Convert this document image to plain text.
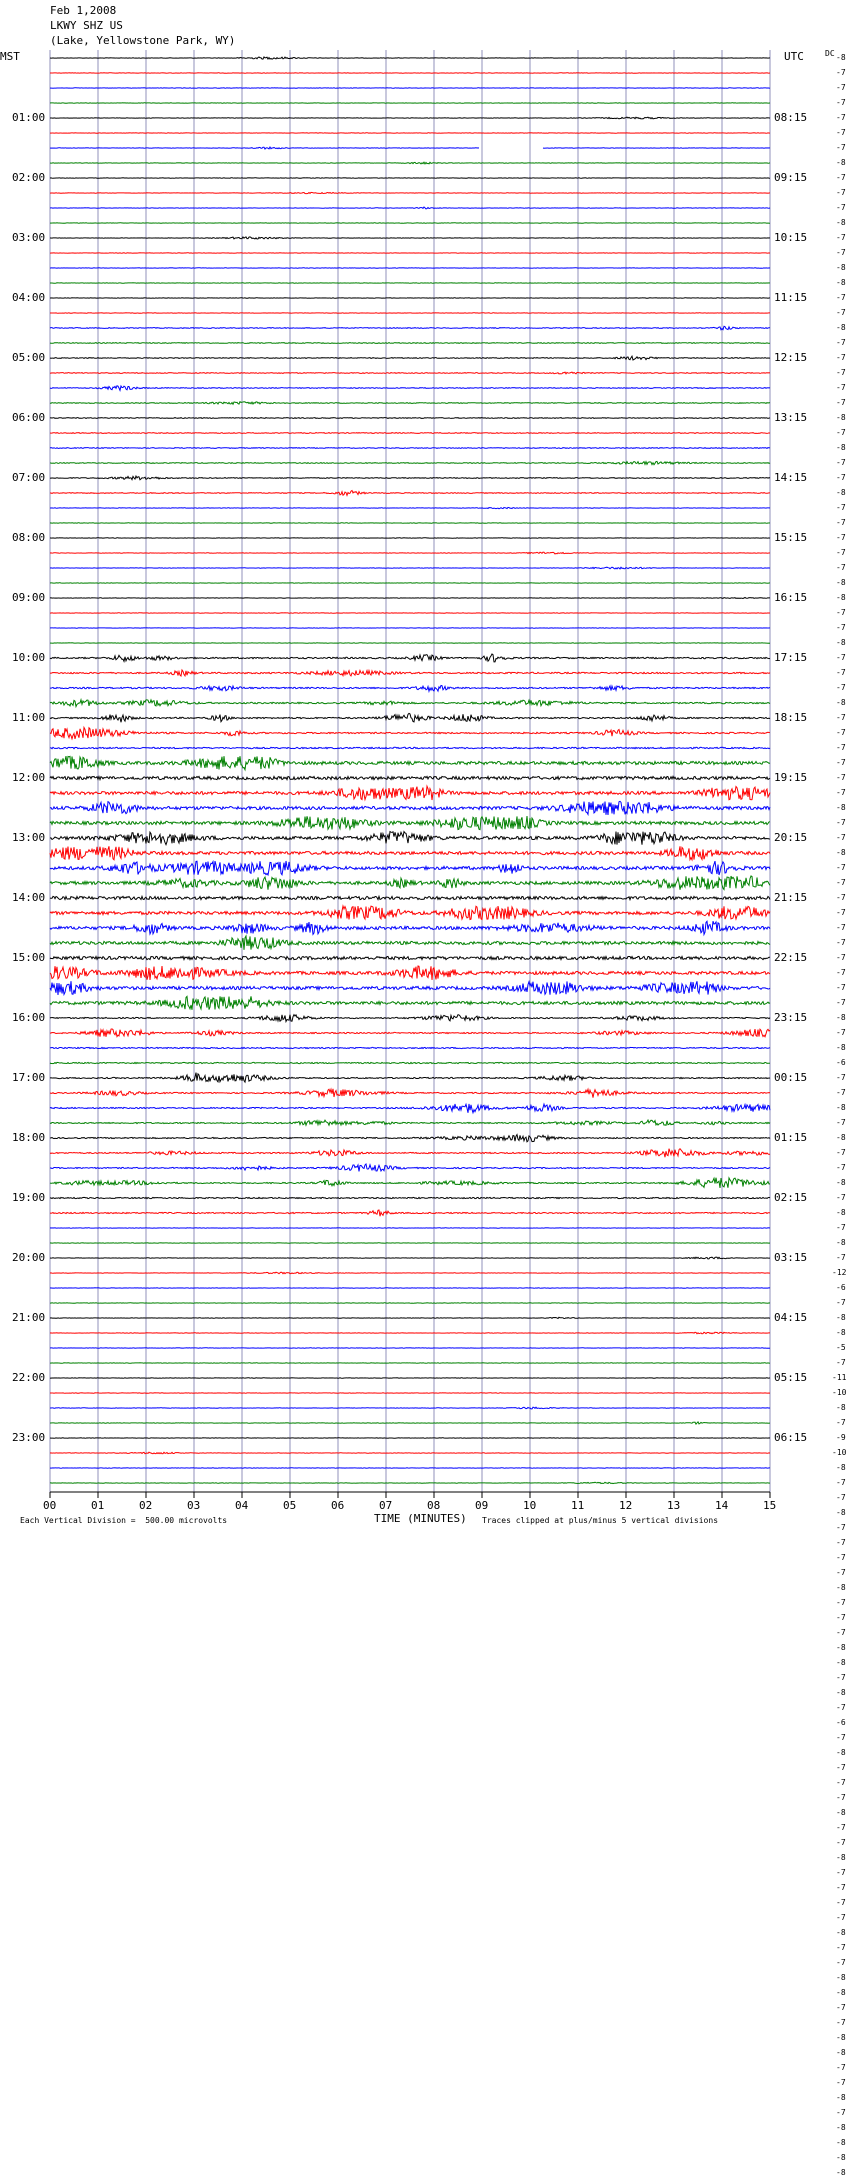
Feb 1,2008
LKWY SHZ US
(Lake, Yellowstone Park, WY)
MST	UTC	DC
01:00
02:00
03:00
04:00
05:00
06:00
07:00
08:00
09:00
10:00
11:00
12:00
13:00
14:00
15:00
16:00
17:00
18:00
19:00
20:00
21:00
22:00
23:00
08:15
09:15
10:15
11:15
12:15
13:15
14:15
15:15
16:15
17:15
18:15
19:15
20:15
21:15
22:15
23:15
00:15
01:15
02:15
03:15
04:15
05:15
06:15
-8
-7
-7
-7
-7
-7
-7
-8
-7
-7
-7
-8
-7
-7
-8
-8
-7
-7
-8
-7
-7
-7
-7
-7
-8
-7
-8
-7
-7
-8
-7
-7
-7
-7
-7
-8
-8
-7
-7
-8
-7
-7
-7
-8
-7
-7
-7
-7
-7
-7
-8
-7
-7
-8
-7
-7
-7
-7
-7
-7
-7
-7
-7
-7
-8
-7
-8
-6
-7
-7
-8
-7
-8
-7
-7
-8
-7
-8
-7
-8
-7
-12
-6
-7
-8
-8
-5
-7
-11
-10
-8
-7
-9
-10
-8
-7
-7
-8
-7
-7
-7
-7
-8
-7
-7
-7
-8
-8
-7
-8
-7
-6
-7
-8
-7
-7
-7
-8
-7
-7
-8
-7
-7
-7
-7
-8
-7
-7
-8
-8
-7
-7
-8
-8
-7
-7
-8
-7
-8
-8
-8
-8
00	01	02	03	04	05	06	07	08	09	10	11	12	13	14	15
Each Vertical Division =  500.00 microvolts	TIME (MINUTES) Traces clipped at plus/minus 5 vertical divisions
